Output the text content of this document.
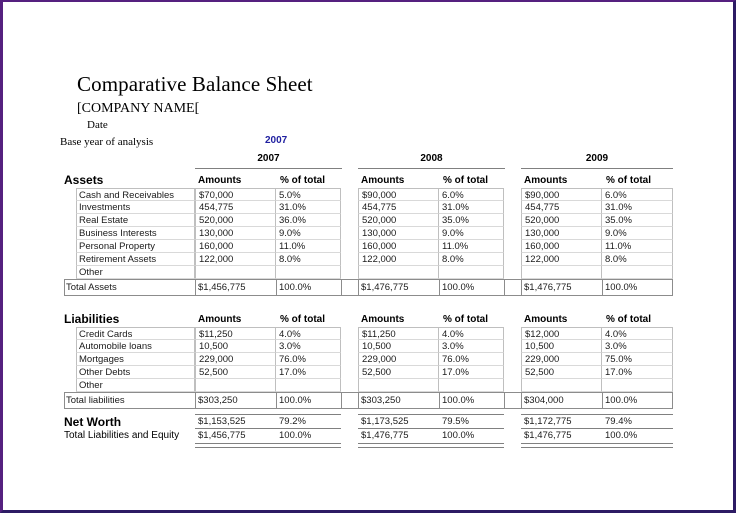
Comparative Balance Sheet
[COMPANY NAME[
Date
Base year of analysis	2007
2007	2008	2009
Assets	Amounts	% of total	Amounts	% of total	Amounts	% of total
Cash and Receivables	$70,000	5.0%	$90,000	6.0%	$90,000	6.0%
Investments	454,775	31.0%	454,775	31.0%	454,775	31.0%
Real Estate	520,000	36.0%	520,000	35.0%	520,000	35.0%
Business Interests	130,000	9.0%	130,000	9.0%	130,000	9.0%
Personal Property	160,000	11.0%	160,000	11.0%	160,000	11.0%
Retirement Assets	122,000	8.0%	122,000	8.0%	122,000	8.0%
Other
Total Assets	$1,456,775	100.0%	$1,476,775	100.0%	$1,476,775	100.0%
Liabilities	Amounts	% of total	Amounts	% of total	Amounts	% of total
Credit Cards	$11,250	4.0%	$11,250	4.0%	$12,000	4.0%
Automobile loans	10,500	3.0%	10,500	3.0%	10,500	3.0%
Mortgages	229,000	76.0%	229,000	76.0%	229,000	75.0%
Other Debts	52,500	17.0%	52,500	17.0%	52,500	17.0%
Other
Total liabilities	$303,250	100.0%	$303,250	100.0%	$304,000	100.0%
Net Worth	$1,153,525	79.2%	$1,173,525	79.5%	$1,172,775	79.4%
Total Liabilities and Equity	$1,456,775	100.0%	$1,476,775	100.0%	$1,476,775	100.0%
